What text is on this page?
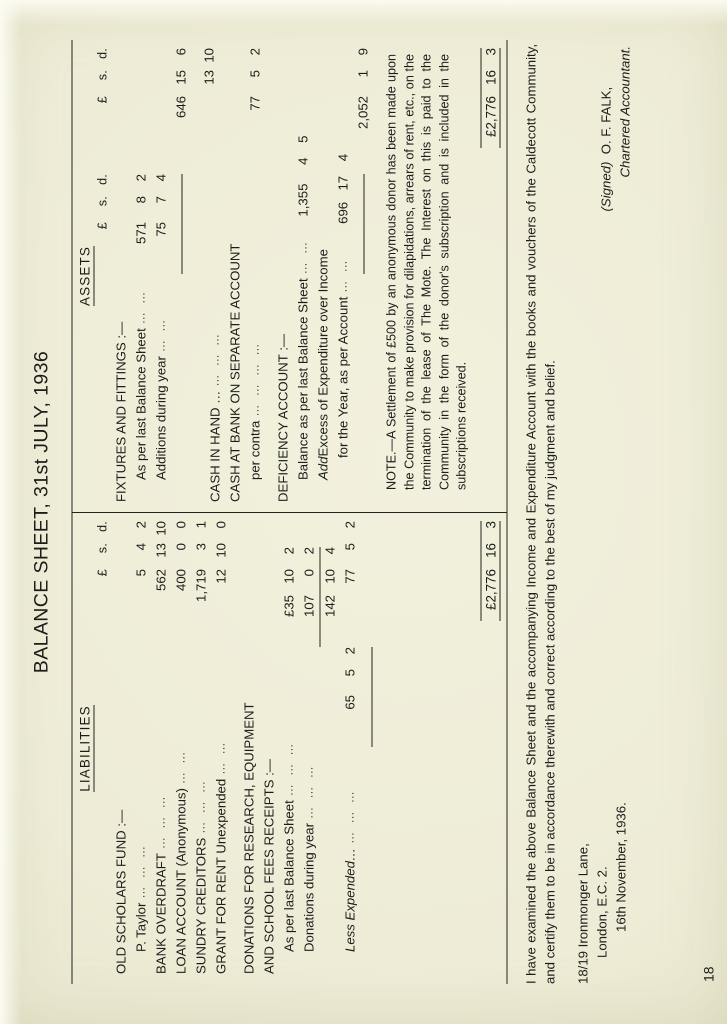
BALANCE SHEET, 31st JULY, 1936
LIABILITIES
£
s.
d.
OLD SCHOLARS FUND :— P. Taylor
… … …
5
4
2
BANK OVERDRAFT
… … …
562
13
10
LOAN ACCOUNT (Anonymous)
… …
400
0
0
SUNDRY CREDITORS
… … …
1,719
3
1
GRANT FOR RENT Unexpended
… …
12
10
0
DONATIONS FOR RESEARCH, EQUIPMENT AND SCHOOL FEES RECEIPTS :— As per last Balance Sheet
… … …
£35
10
2
Donations during year
… … …
107
0
2

142
10
4
Less Expended…
… … …
65
5
2
77
5
2

£2,776
16
3
ASSETS
£
s.
d.
£
s.
d.
FIXTURES AND FITTINGS :— As per last Balance Sheet
… …
571
8
2
Additions during year
… …
75
7
4

646
15
6
CASH IN HAND …
… … …
13
10
CASH AT BANK ON SEPARATE ACCOUNT per contra
… … … …
77
5
2
DEFICIENCY ACCOUNT :— Balance as per last Balance Sheet
… …
1,355
4
5
AddExcess of Expenditure over Income for the Year, as per Account
… …
696
17
4

2,052
1
9
NOTE.—A Settlement of £500 by an anonymous donor has been made upon the Community to make provision for dilapidations, arrears of rent, etc., on the termination of the lease of The Mote. The Interest on this is paid to the Community in the form of the donor's subscription and is included in the subscriptions received.
£2,776
16
3 I have examined the above Balance Sheet and the accompanying Income and Expenditure Account with the books and vouchers of the Caldecott Community, and certify them to be in accordance therewith and correct according to the best of my judgment and belief. 18/19 Ironmonger Lane, London, E.C. 2. 16th November, 1936.
(Signed)  O. F. FALK, Chartered Accountant.
18
